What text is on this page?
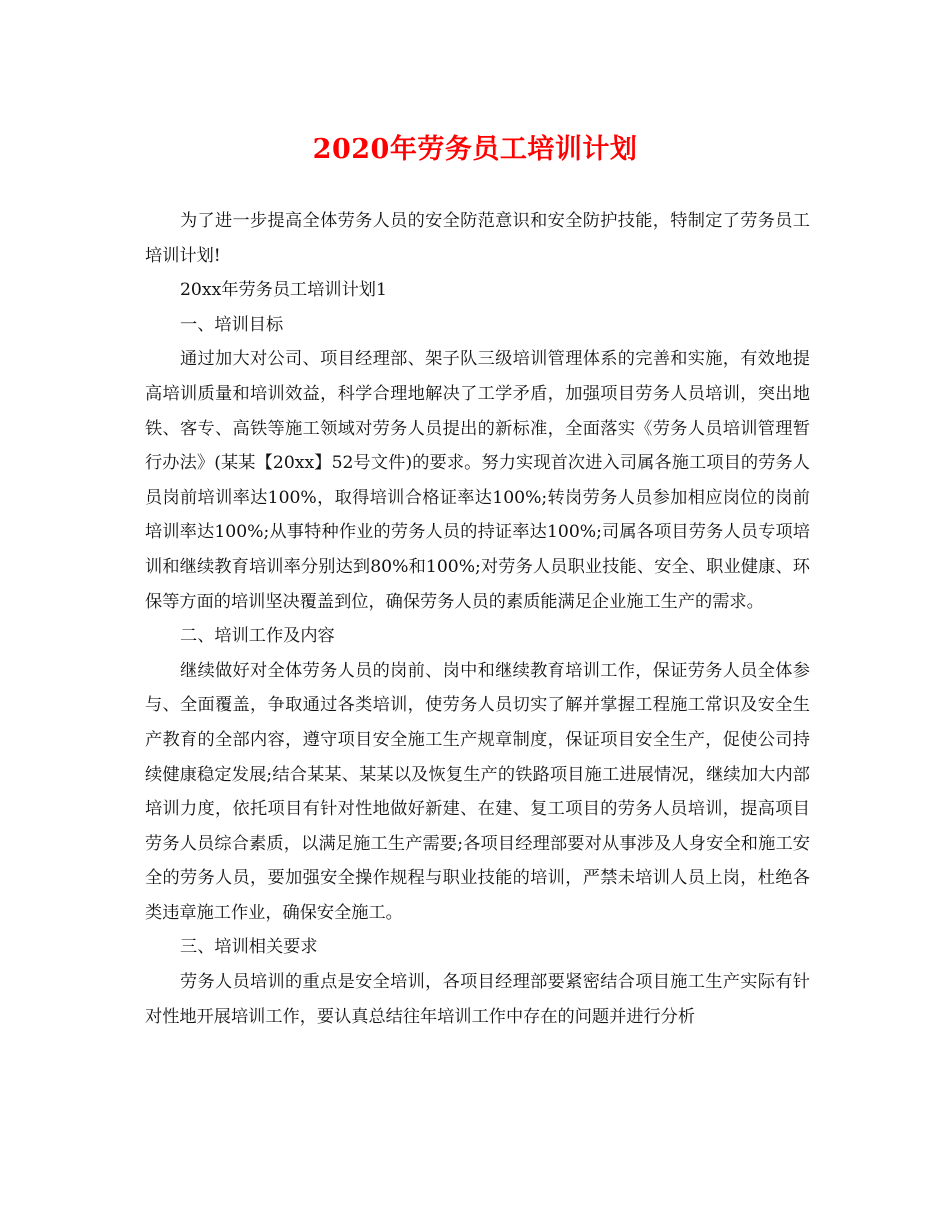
2020年劳务员工培训计划

为了进一步提高全体劳务人员的安全防范意识和安全防护技能，特制定了劳务员工培训计划!

20xx年劳务员工培训计划1

一、培训目标

通过加大对公司、项目经理部、架子队三级培训管理体系的完善和实施，有效地提高培训质量和培训效益，科学合理地解决了工学矛盾，加强项目劳务人员培训，突出地铁、客专、高铁等施工领域对劳务人员提出的新标准，全面落实《劳务人员培训管理暂行办法》(某某【20xx】52号文件)的要求。努力实现首次进入司属各施工项目的劳务人员岗前培训率达100%，取得培训合格证率达100%;转岗劳务人员参加相应岗位的岗前培训率达100%;从事特种作业的劳务人员的持证率达100%;司属各项目劳务人员专项培训和继续教育培训率分别达到80%和100%;对劳务人员职业技能、安全、职业健康、环保等方面的培训坚决覆盖到位，确保劳务人员的素质能满足企业施工生产的需求。

二、培训工作及内容

继续做好对全体劳务人员的岗前、岗中和继续教育培训工作，保证劳务人员全体参与、全面覆盖，争取通过各类培训，使劳务人员切实了解并掌握工程施工常识及安全生产教育的全部内容，遵守项目安全施工生产规章制度，保证项目安全生产，促使公司持续健康稳定发展;结合某某、某某以及恢复生产的铁路项目施工进展情况，继续加大内部培训力度，依托项目有针对性地做好新建、在建、复工项目的劳务人员培训，提高项目劳务人员综合素质，以满足施工生产需要;各项目经理部要对从事涉及人身安全和施工安全的劳务人员，要加强安全操作规程与职业技能的培训，严禁未培训人员上岗，杜绝各类违章施工作业，确保安全施工。

三、培训相关要求

劳务人员培训的重点是安全培训，各项目经理部要紧密结合项目施工生产实际有针对性地开展培训工作，要认真总结往年培训工作中存在的问题并进行分析
